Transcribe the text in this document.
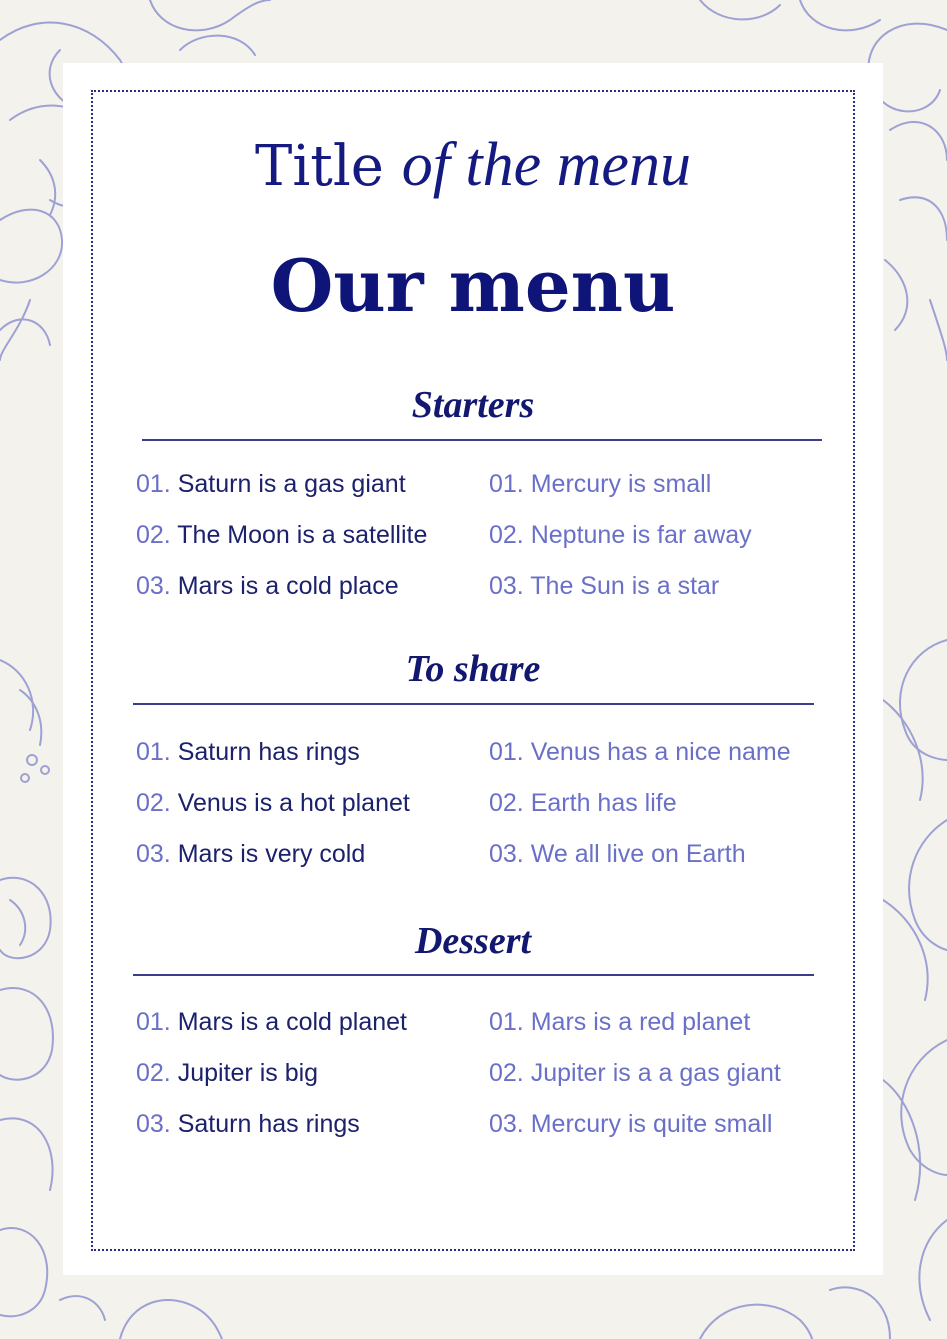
Title of the menu
Our menu
Starters
01. Saturn is a gas giant
02. The Moon is a satellite
03. Mars is a cold place
01. Mercury is small
02. Neptune is far away
03. The Sun is a star
To share
01. Saturn has rings
02. Venus is a hot planet
03. Mars is very cold
01. Venus has a nice name
02. Earth has life
03. We all live on Earth
Dessert
01. Mars is a cold planet
02. Jupiter is big
03. Saturn has rings
01. Mars is a red planet
02. Jupiter is a a gas giant
03. Mercury is quite small
